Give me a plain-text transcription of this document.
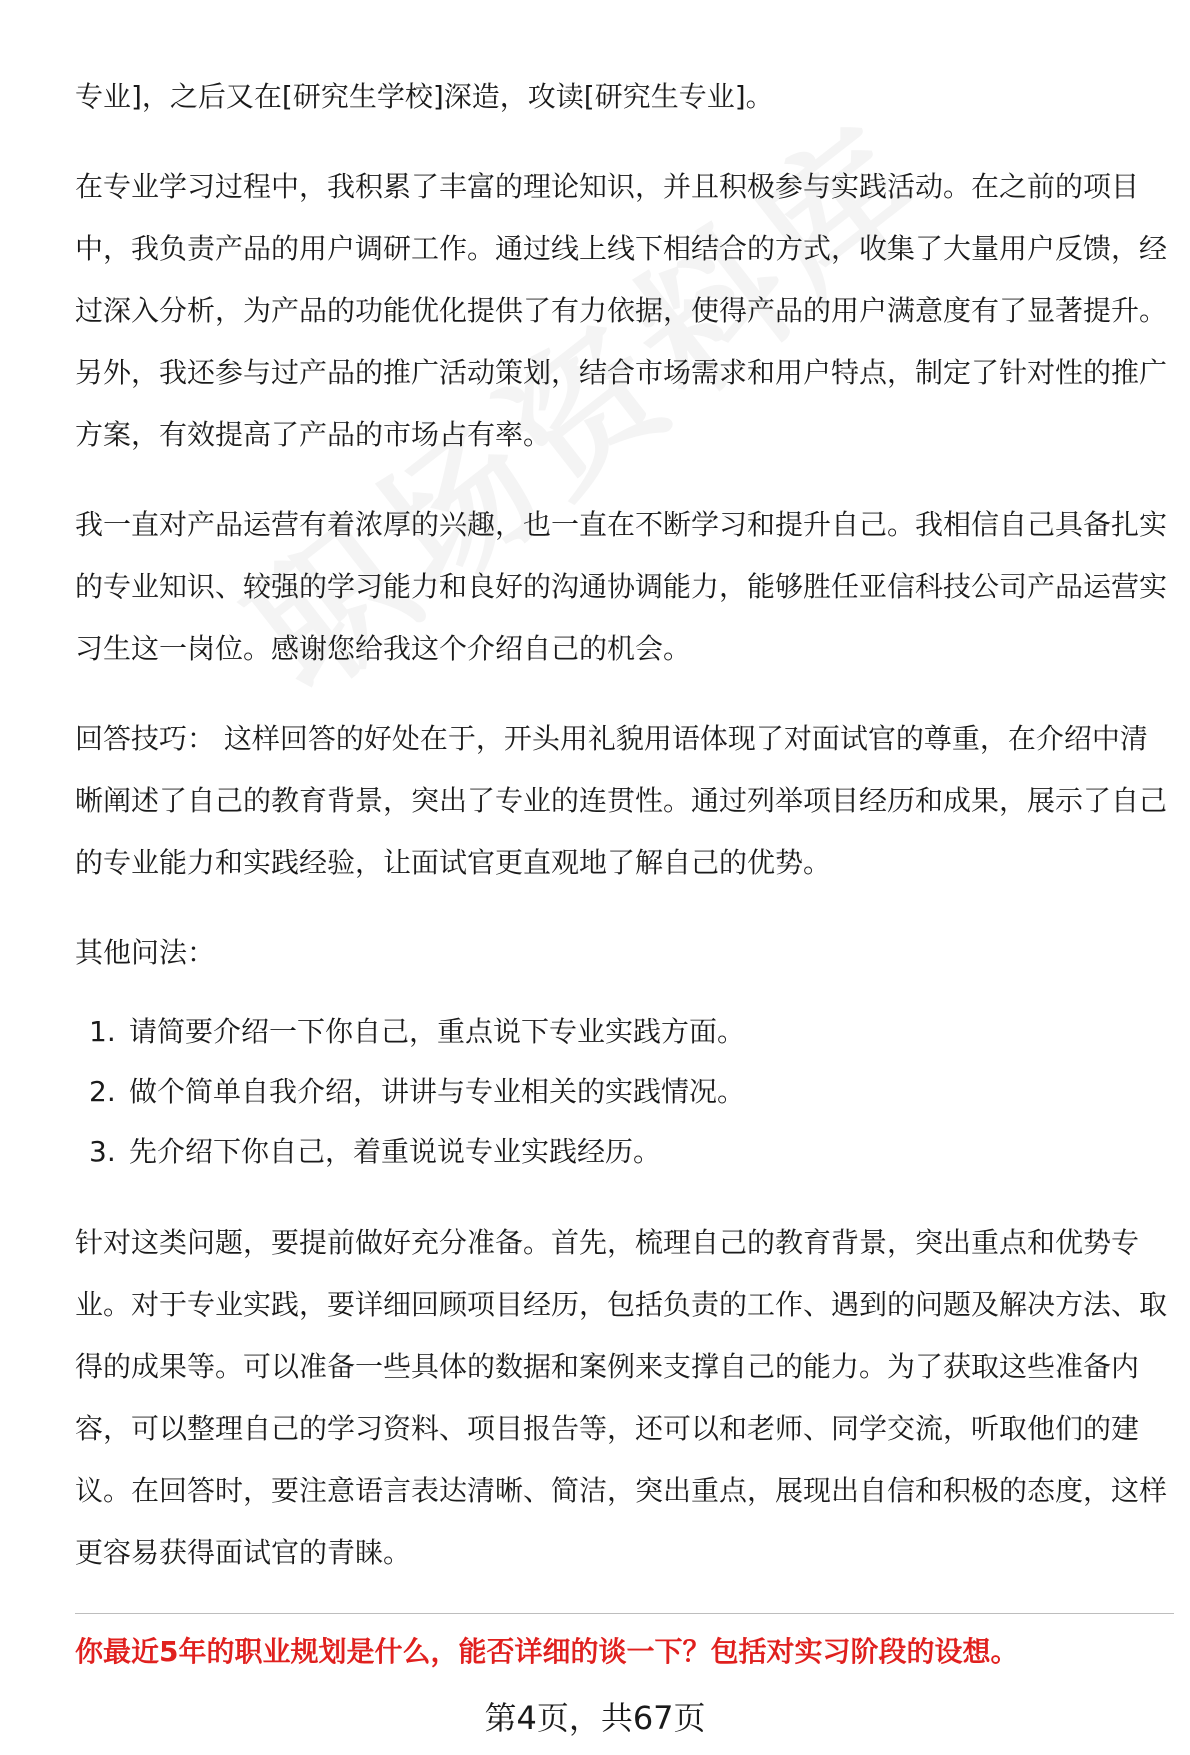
专业]，之后又在[研究生学校]深造，攻读[研究生专业]。

在专业学习过程中，我积累了丰富的理论知识，并且积极参与实践活动。在之前的项目中，我负责产品的用户调研工作。通过线上线下相结合的方式，收集了大量用户反馈，经过深入分析，为产品的功能优化提供了有力依据，使得产品的用户满意度有了显著提升。另外，我还参与过产品的推广活动策划，结合市场需求和用户特点，制定了针对性的推广方案，有效提高了产品的市场占有率。

我一直对产品运营有着浓厚的兴趣，也一直在不断学习和提升自己。我相信自己具备扎实的专业知识、较强的学习能力和良好的沟通协调能力，能够胜任亚信科技公司产品运营实习生这一岗位。感谢您给我这个介绍自己的机会。

回答技巧： 这样回答的好处在于，开头用礼貌用语体现了对面试官的尊重，在介绍中清晰阐述了自己的教育背景，突出了专业的连贯性。通过列举项目经历和成果，展示了自己的专业能力和实践经验，让面试官更直观地了解自己的优势。

其他问法：

1. 请简要介绍一下你自己，重点说下专业实践方面。
2. 做个简单自我介绍，讲讲与专业相关的实践情况。
3. 先介绍下你自己，着重说说专业实践经历。

针对这类问题，要提前做好充分准备。首先，梳理自己的教育背景，突出重点和优势专业。对于专业实践，要详细回顾项目经历，包括负责的工作、遇到的问题及解决方法、取得的成果等。可以准备一些具体的数据和案例来支撑自己的能力。为了获取这些准备内容，可以整理自己的学习资料、项目报告等，还可以和老师、同学交流，听取他们的建议。在回答时，要注意语言表达清晰、简洁，突出重点，展现出自信和积极的态度，这样更容易获得面试官的青睐。

你最近5年的职业规划是什么，能否详细的谈一下？包括对实习阶段的设想。
第4页，共67页
